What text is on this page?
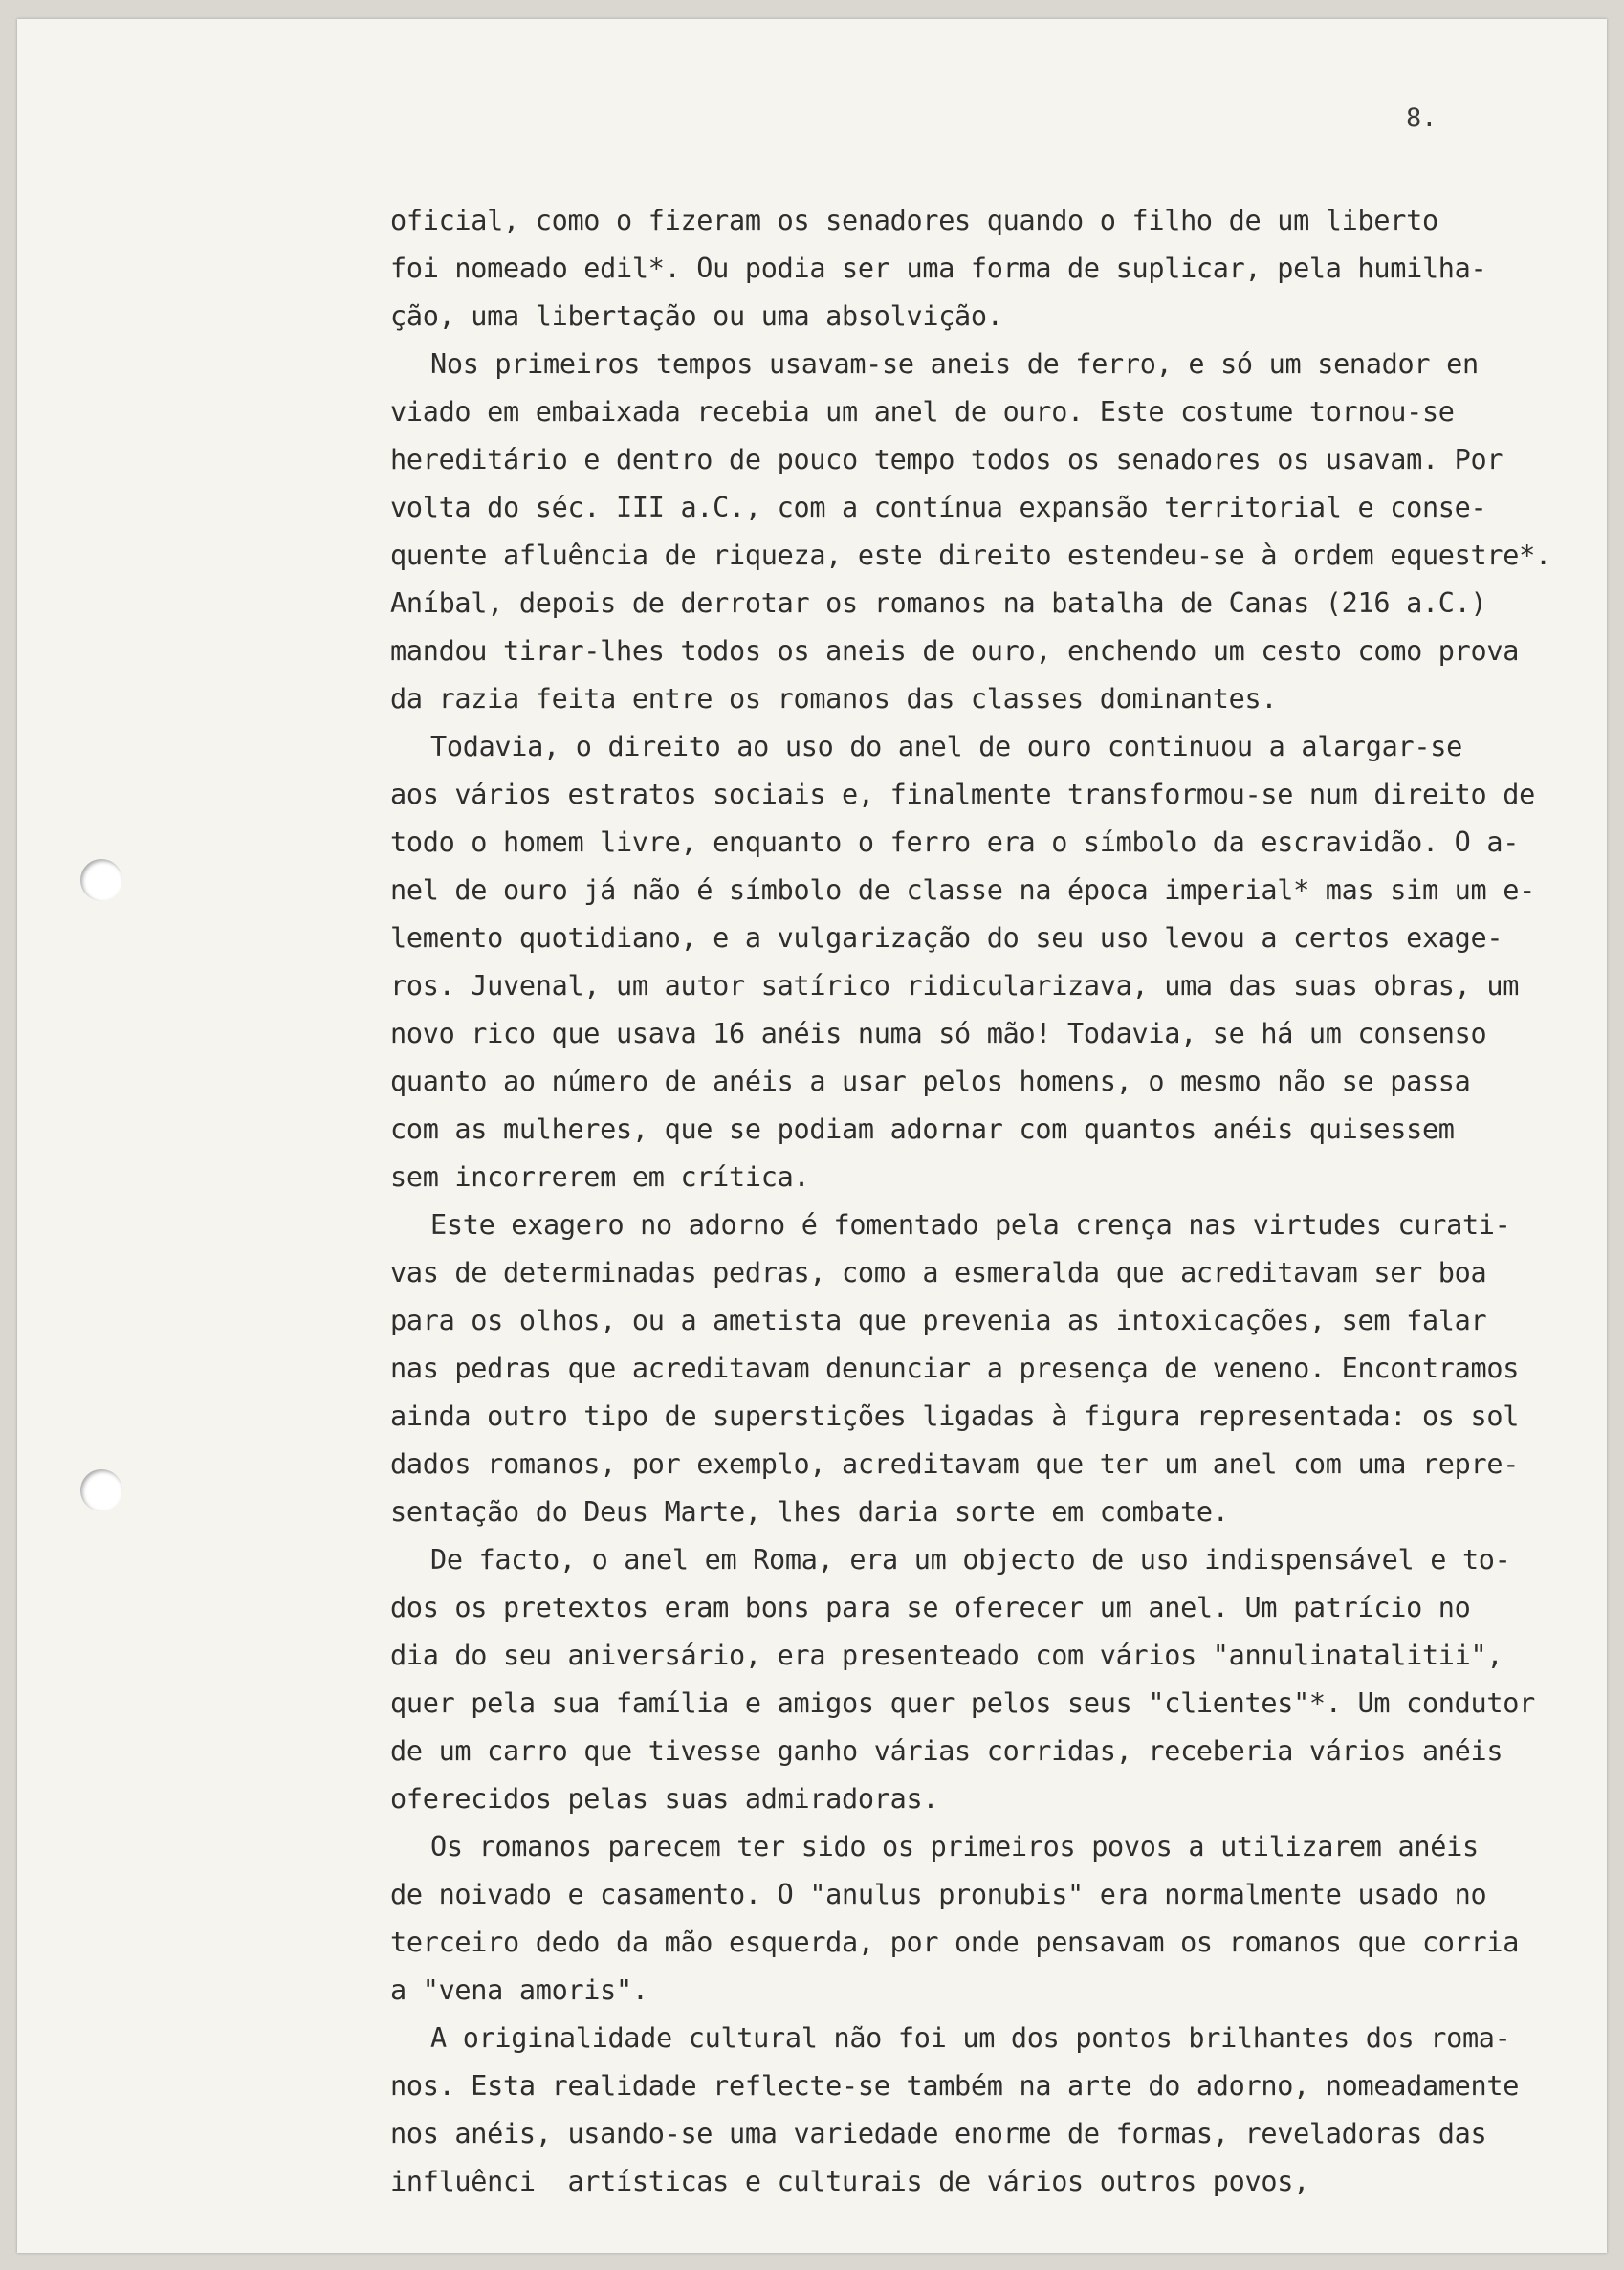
8.
oficial, como o fizeram os senadores quando o filho de um liberto
foi nomeado edil*. Ou podia ser uma forma de suplicar, pela humilha-
ção, uma libertação ou uma absolvição.
Nos primeiros tempos usavam-se aneis de ferro, e só um senador en
viado em embaixada recebia um anel de ouro. Este costume tornou-se
hereditário e dentro de pouco tempo todos os senadores os usavam. Por
volta do séc. III a.C., com a contínua expansão territorial e conse-
quente afluência de riqueza, este direito estendeu-se à ordem equestre*.
Aníbal, depois de derrotar os romanos na batalha de Canas (216 a.C.)
mandou tirar-lhes todos os aneis de ouro, enchendo um cesto como prova
da razia feita entre os romanos das classes dominantes.
Todavia, o direito ao uso do anel de ouro continuou a alargar-se
aos vários estratos sociais e, finalmente transformou-se num direito de
todo o homem livre, enquanto o ferro era o símbolo da escravidão. O a-
nel de ouro já não é símbolo de classe na época imperial* mas sim um e-
lemento quotidiano, e a vulgarização do seu uso levou a certos exage-
ros. Juvenal, um autor satírico ridicularizava, uma das suas obras, um
novo rico que usava 16 anéis numa só mão! Todavia, se há um consenso
quanto ao número de anéis a usar pelos homens, o mesmo não se passa
com as mulheres, que se podiam adornar com quantos anéis quisessem
sem incorrerem em crítica.
Este exagero no adorno é fomentado pela crença nas virtudes curati-
vas de determinadas pedras, como a esmeralda que acreditavam ser boa
para os olhos, ou a ametista que prevenia as intoxicações, sem falar
nas pedras que acreditavam denunciar a presença de veneno. Encontramos
ainda outro tipo de superstições ligadas à figura representada: os sol
dados romanos, por exemplo, acreditavam que ter um anel com uma repre-
sentação do Deus Marte, lhes daria sorte em combate.
De facto, o anel em Roma, era um objecto de uso indispensável e to-
dos os pretextos eram bons para se oferecer um anel. Um patrício no
dia do seu aniversário, era presenteado com vários "annulinatalitii",
quer pela sua família e amigos quer pelos seus "clientes"*. Um condutor
de um carro que tivesse ganho várias corridas, receberia vários anéis
oferecidos pelas suas admiradoras.
Os romanos parecem ter sido os primeiros povos a utilizarem anéis
de noivado e casamento. O "anulus pronubis" era normalmente usado no
terceiro dedo da mão esquerda, por onde pensavam os romanos que corria
a "vena amoris".
A originalidade cultural não foi um dos pontos brilhantes dos roma-
nos. Esta realidade reflecte-se também na arte do adorno, nomeadamente
nos anéis, usando-se uma variedade enorme de formas, reveladoras das
influênci  artísticas e culturais de vários outros povos,
